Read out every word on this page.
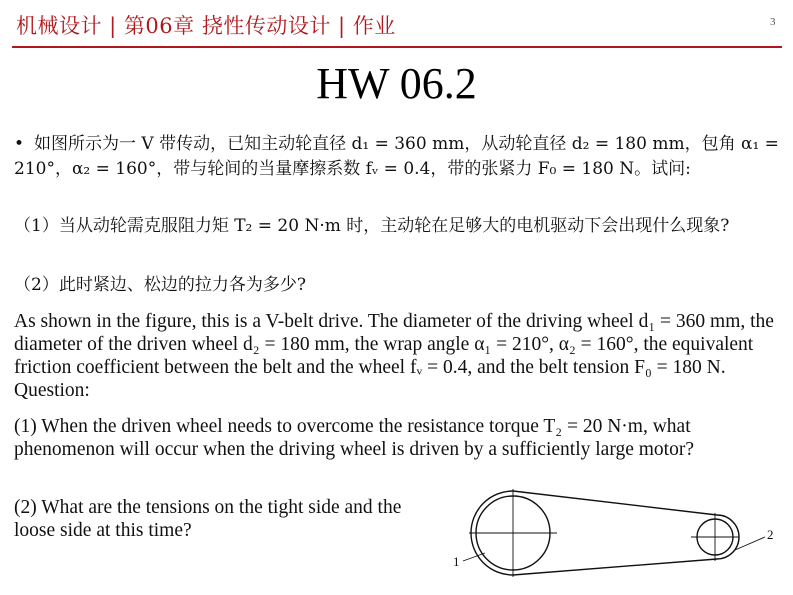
机械设计 | 第06章 挠性传动设计 | 作业	3
HW 06.2
• 如图所示为一 V 带传动，已知主动轮直径 d₁ = 360 mm，从动轮直径 d₂ = 180 mm，包角 α₁ = 210°，α₂ = 160°，带与轮间的当量摩擦系数 fᵥ = 0.4，带的张紧力 F₀ = 180 N。试问:
（1）当从动轮需克服阻力矩 T₂ = 20 N·m 时，主动轮在足够大的电机驱动下会出现什么现象?
（2）此时紧边、松边的拉力各为多少?
As shown in the figure, this is a V-belt drive. The diameter of the driving wheel d₁ = 360 mm, the diameter of the driven wheel d₂ = 180 mm, the wrap angle α₁ = 210°, α₂ = 160°, the equivalent friction coefficient between the belt and the wheel fᵥ = 0.4, and the belt tension F₀ = 180 N. Question:
(1) When the driven wheel needs to overcome the resistance torque T₂ = 20 N·m, what phenomenon will occur when the driving wheel is driven by a sufficiently large motor?
(2) What are the tensions on the tight side and the loose side at this time?
1
2
